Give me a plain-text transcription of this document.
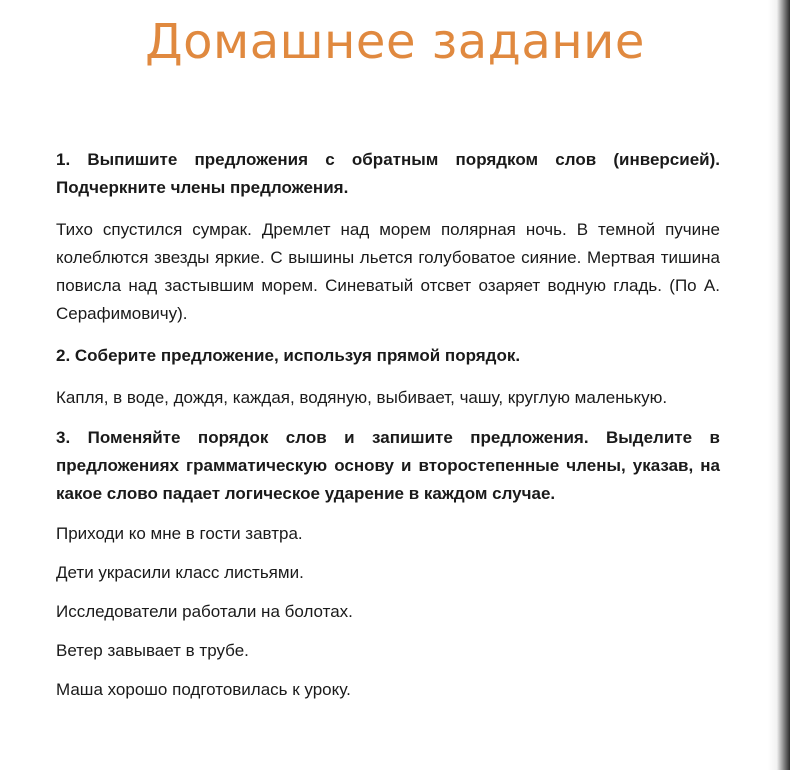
Домашнее задание

1. Выпишите предложения с обратным порядком слов (инверсией). Подчеркните члены предложения.

Тихо спустился сумрак. Дремлет над морем полярная ночь. В темной пучине колеблются звезды яркие. С вышины льется голубоватое сияние. Мертвая тишина повисла над застывшим морем. Синеватый отсвет озаряет водную гладь. (По А. Серафимовичу).

2. Соберите предложение, используя прямой порядок.

Капля, в воде, дождя, каждая, водяную, выбивает, чашу, круглую маленькую.

3. Поменяйте порядок слов и запишите предложения. Выделите в предложениях грамматическую основу и второстепенные члены, указав, на какое слово падает логическое ударение в каждом случае.

Приходи ко мне в гости завтра.

Дети украсили класс листьями.

Исследователи работали на болотах.

Ветер завывает в трубе.

Маша хорошо подготовилась к уроку.
